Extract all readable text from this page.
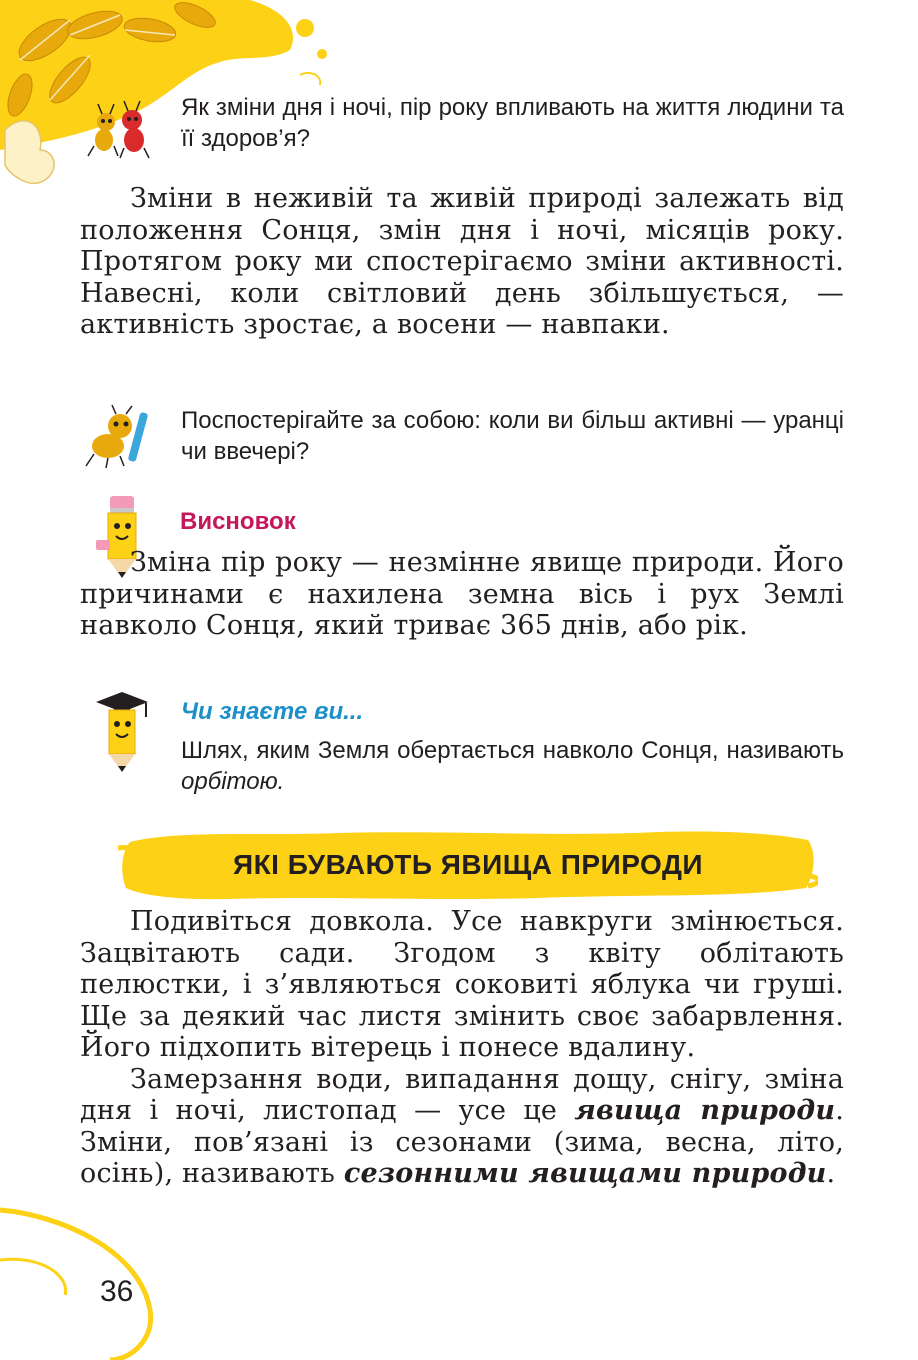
Як зміни дня і ночі, пір року впливають на життя людини та її здоров’я?

Зміни в неживій та живій природі залежать від положення Сонця, змін дня і ночі, місяців року. Протягом року ми спостерігаємо зміни активності. Навесні, коли світловий день збільшується, — активність зростає, а восени — навпаки.

Поспостерігайте за собою: коли ви більш активні — уранці чи ввечері?

Висновок

Зміна пір року — незмінне явище природи. Його причинами є нахилена земна вісь і рух Землі навколо Сонця, який триває 365 днів, або рік.

Чи знаєте ви...

Шлях, яким Земля обертається навколо Сонця, називають орбітою.

ЯКІ БУВАЮТЬ ЯВИЩА ПРИРОДИ

Подивіться довкола. Усе навкруги змінюється. Зацвітають сади. Згодом з квіту облітають пелюстки, і з’являються соковиті яблука чи груші. Ще за деякий час листя змінить своє забарвлення. Його підхопить вітерець і понесе вдалину.

Замерзання води, випадання дощу, снігу, зміна дня і ночі, листопад — усе це явища природи. Зміни, пов’язані із сезонами (зима, весна, літо, осінь), називають сезонними явищами природи.

36
